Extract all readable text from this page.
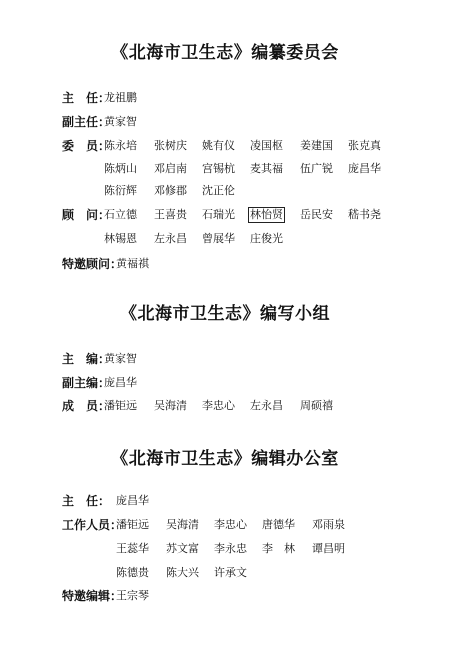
《北海市卫生志》编纂委员会
主　任：
龙祖鹏
副主任：
黄家智
委　员：
陈永培 张树庆 姚有仪 凌国枢 姜建国 张克真
陈炳山 邓启南 宫锡杭 麦其福 伍广锐 庞昌华
陈衍辉 邓修郡 沈正伦
顾　问：
石立德 王喜贵 石瑞光 林怡贤 岳民安 嵇书尧
林锡恩 左永昌 曾展华 庄俊光
特邀顾问：
黄福祺
《北海市卫生志》编写小组
主　编：
黄家智
副主编：
庞昌华
成　员：
潘钜远 吴海清 李忠心 左永昌 周硕禧
《北海市卫生志》编辑办公室
主　任： 庞昌华
工作人员：
潘钜远 吴海清 李忠心 唐德华 邓雨泉
王蕊华 苏文富 李永忠 李　林 谭昌明
陈德贵 陈大兴 许承文
特邀编辑：
王宗琴
